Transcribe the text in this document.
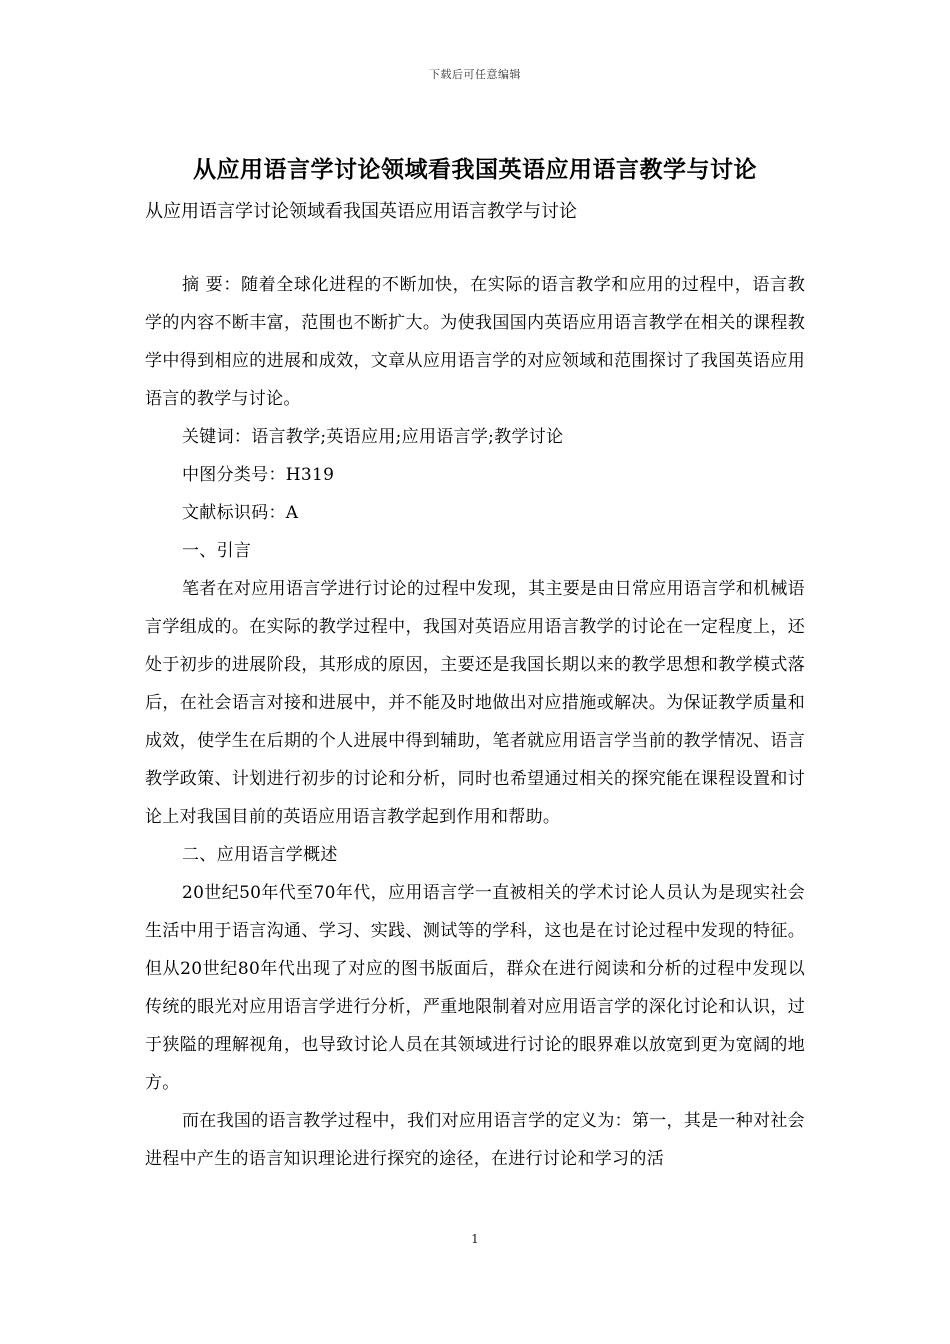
下载后可任意编辑
从应用语言学讨论领域看我国英语应用语言教学与讨论
从应用语言学讨论领域看我国英语应用语言教学与讨论

摘 要：随着全球化进程的不断加快，在实际的语言教学和应用的过程中，语言教学的内容不断丰富，范围也不断扩大。为使我国国内英语应用语言教学在相关的课程教学中得到相应的进展和成效，文章从应用语言学的对应领域和范围探讨了我国英语应用语言的教学与讨论。

关键词：语言教学;英语应用;应用语言学;教学讨论

中图分类号：H319

文献标识码：A

一、引言

笔者在对应用语言学进行讨论的过程中发现，其主要是由日常应用语言学和机械语言学组成的。在实际的教学过程中，我国对英语应用语言教学的讨论在一定程度上，还处于初步的进展阶段，其形成的原因，主要还是我国长期以来的教学思想和教学模式落后，在社会语言对接和进展中，并不能及时地做出对应措施或解决。为保证教学质量和成效，使学生在后期的个人进展中得到辅助，笔者就应用语言学当前的教学情况、语言教学政策、计划进行初步的讨论和分析，同时也希望通过相关的探究能在课程设置和讨论上对我国目前的英语应用语言教学起到作用和帮助。

二、应用语言学概述

20世纪50年代至70年代，应用语言学一直被相关的学术讨论人员认为是现实社会生活中用于语言沟通、学习、实践、测试等的学科，这也是在讨论过程中发现的特征。但从20世纪80年代出现了对应的图书版面后，群众在进行阅读和分析的过程中发现以传统的眼光对应用语言学进行分析，严重地限制着对应用语言学的深化讨论和认识，过于狭隘的理解视角，也导致讨论人员在其领域进行讨论的眼界难以放宽到更为宽阔的地方。

而在我国的语言教学过程中，我们对应用语言学的定义为：第一，其是一种对社会进程中产生的语言知识理论进行探究的途径，在进行讨论和学习的活

1
